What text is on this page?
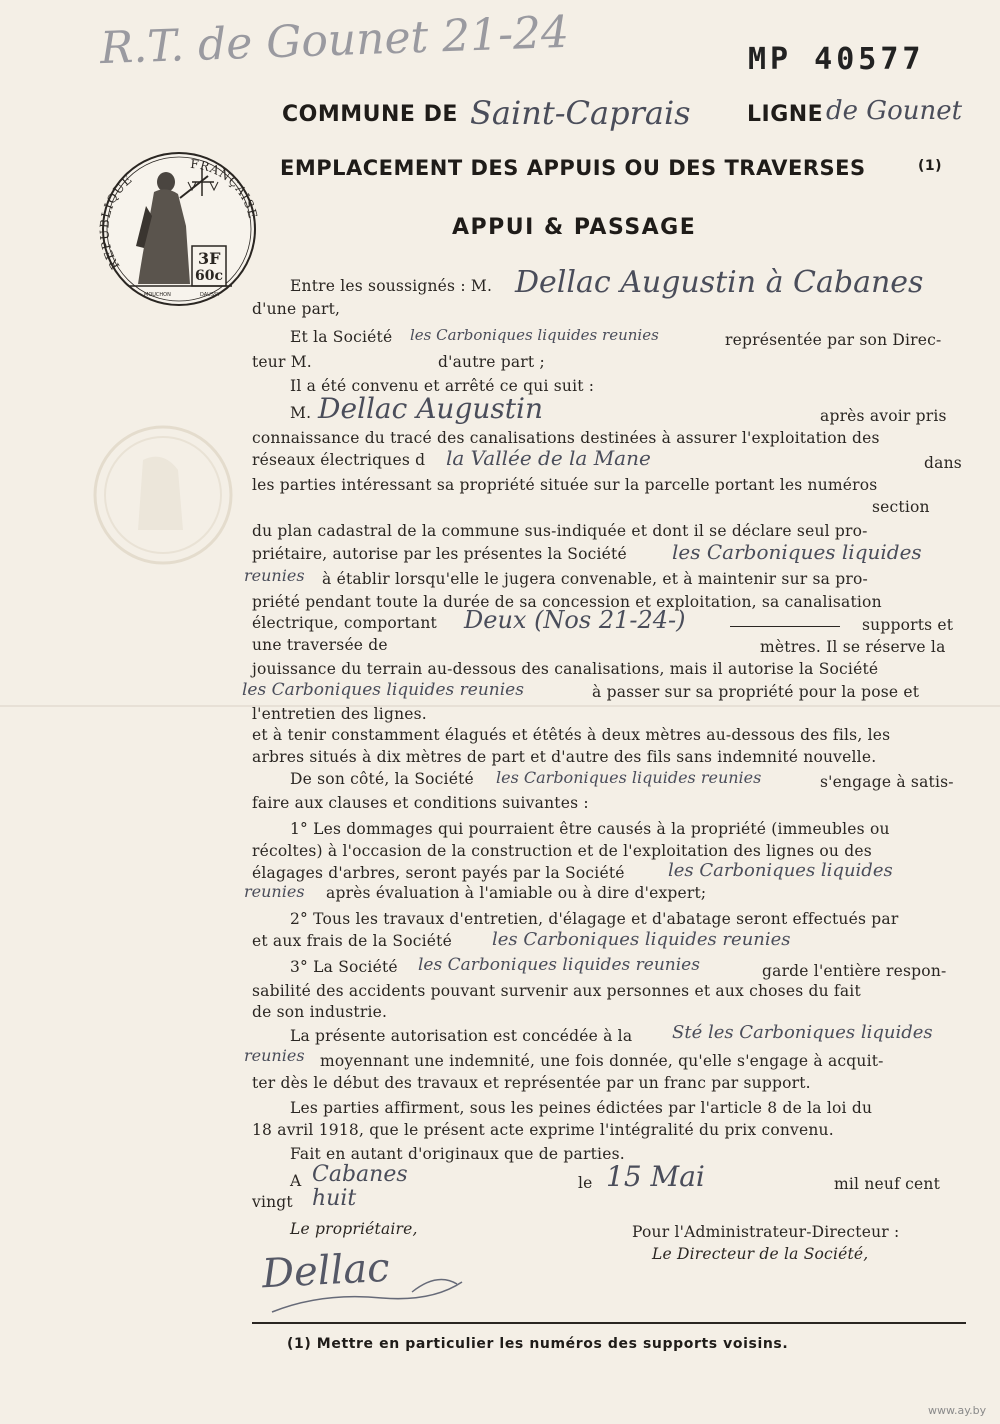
R.T. de Gounet 21-24	MP 40577
COMMUNE DE Saint-Caprais	LIGNE de Gounet
EMPLACEMENT DES APPUIS OU DES TRAVERSES	(1)
APPUI & PASSAGE
REPUBLIQUE
FRANÇAISE
3F
60c
MOUCHON	DAUSSY	Entre les soussignés : M. Dellac Augustin à Cabanes
d'une part,
Et la Société les Carboniques liquides reunies	représentée par son Direc-
teur M.	d'autre part ;
Il a été convenu et arrêté ce qui suit :
M. Dellac Augustin	après avoir pris
connaissance du tracé des canalisations destinées à assurer l'exploitation des
réseaux électriques d la Vallée de la Mane	dans
les parties intéressant sa propriété située sur la parcelle portant les numéros
section
du plan cadastral de la commune sus-indiquée et dont il se déclare seul pro-
priétaire, autorise par les présentes la Société les Carboniques liquides
reunies à établir lorsqu'elle le jugera convenable, et à maintenir sur sa pro-
priété pendant toute la durée de sa concession et exploitation, sa canalisation
électrique, comportant Deux (Nos 21-24-)	supports et
une traversée de	mètres. Il se réserve la
jouissance du terrain au-dessous des canalisations, mais il autorise la Société
les Carboniques liquides reunies	à passer sur sa propriété pour la pose et
l'entretien des lignes.
et à tenir constamment élagués et étêtés à deux mètres au-dessous des fils, les
arbres situés à dix mètres de part et d'autre des fils sans indemnité nouvelle.
De son côté, la Société les Carboniques liquides reunies	s'engage à satis-
faire aux clauses et conditions suivantes :
1° Les dommages qui pourraient être causés à la propriété (immeubles ou
récoltes) à l'occasion de la construction et de l'exploitation des lignes ou des
élagages d'arbres, seront payés par la Société les Carboniques liquides
reunies après évaluation à l'amiable ou à dire d'expert;
2° Tous les travaux d'entretien, d'élagage et d'abatage seront effectués par
et aux frais de la Société les Carboniques liquides reunies
3° La Société les Carboniques liquides reunies	garde l'entière respon-
sabilité des accidents pouvant survenir aux personnes et aux choses du fait
de son industrie.
La présente autorisation est concédée à la Sté les Carboniques liquides
reunies moyennant une indemnité, une fois donnée, qu'elle s'engage à acquit-
ter dès le début des travaux et représentée par un franc par support.
Les parties affirment, sous les peines édictées par l'article 8 de la loi du
18 avril 1918, que le présent acte exprime l'intégralité du prix convenu.
Fait en autant d'originaux que de parties.
A Cabanes	le 15 Mai	mil neuf cent
vingt huit
Le propriétaire,	Pour l'Administrateur-Directeur :
Le Directeur de la Société,
Dellac
(1) Mettre en particulier les numéros des supports voisins.
www.ay.by
